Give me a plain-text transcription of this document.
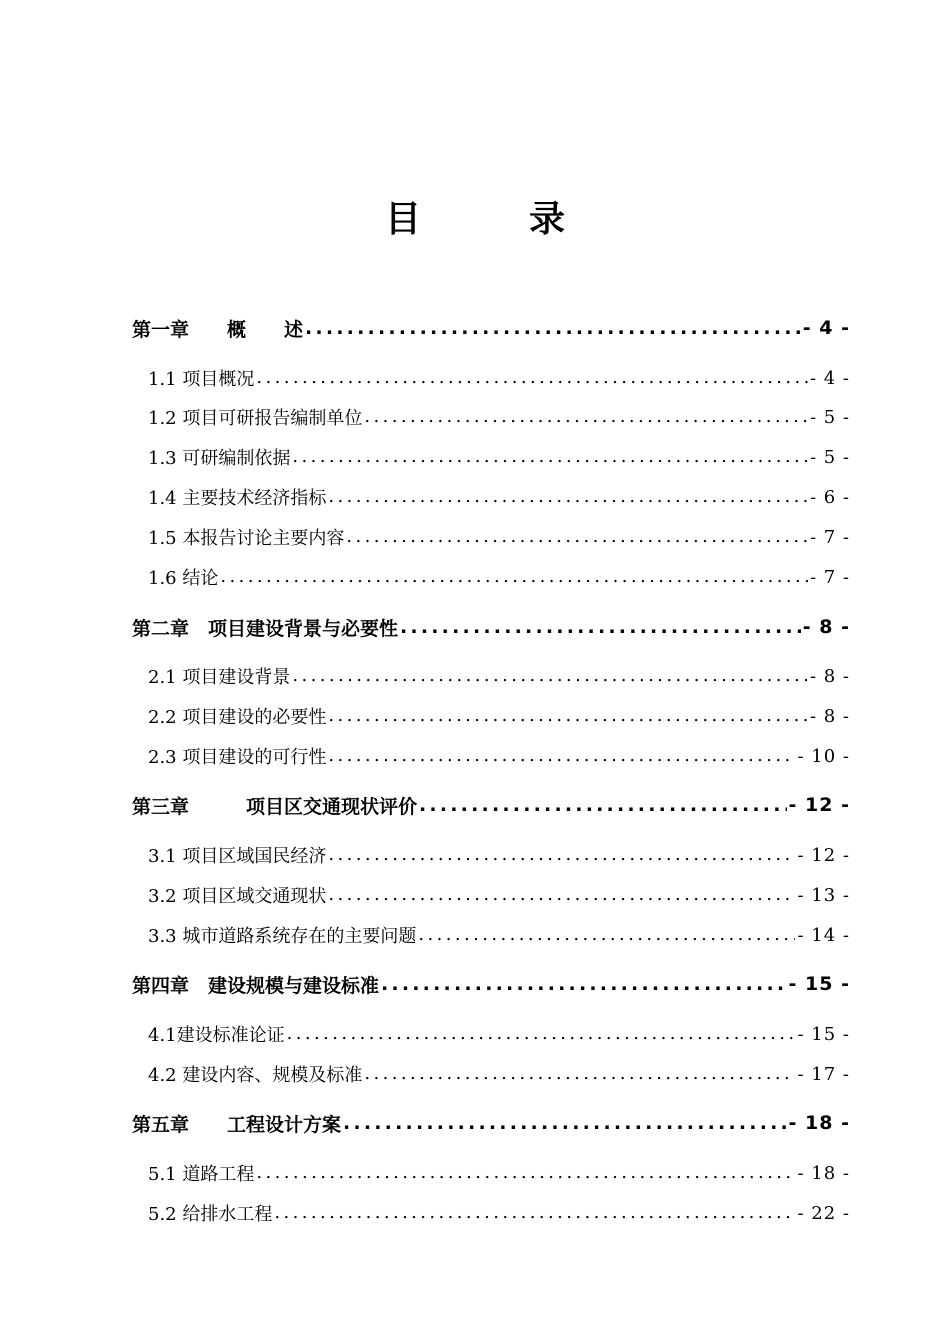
目　录
第一章　　概　　述 .....	- 4 -
1.1 项目概况 .....	- 4 -
1.2 项目可研报告编制单位 .....	- 5 -
1.3 可研编制依据 .....	- 5 -
1.4 主要技术经济指标 .....	- 6 -
1.5 本报告讨论主要内容 .....	- 7 -
1.6 结论 .....	- 7 -
第二章　项目建设背景与必要性 .....	- 8 -
2.1 项目建设背景 .....	- 8 -
2.2 项目建设的必要性 .....	- 8 -
2.3 项目建设的可行性 .....	- 10 -
第三章　　　项目区交通现状评价 .....	- 12 -
3.1 项目区域国民经济 .....	- 12 -
3.2 项目区域交通现状 .....	- 13 -
3.3 城市道路系统存在的主要问题 .....	- 14 -
第四章　建设规模与建设标准 .....	- 15 -
4.1建设标准论证 .....	- 15 -
4.2 建设内容、规模及标准 .....	- 17 -
第五章　　工程设计方案 .....	- 18 -
5.1 道路工程 .....	- 18 -
5.2 给排水工程 .....	- 22 -
